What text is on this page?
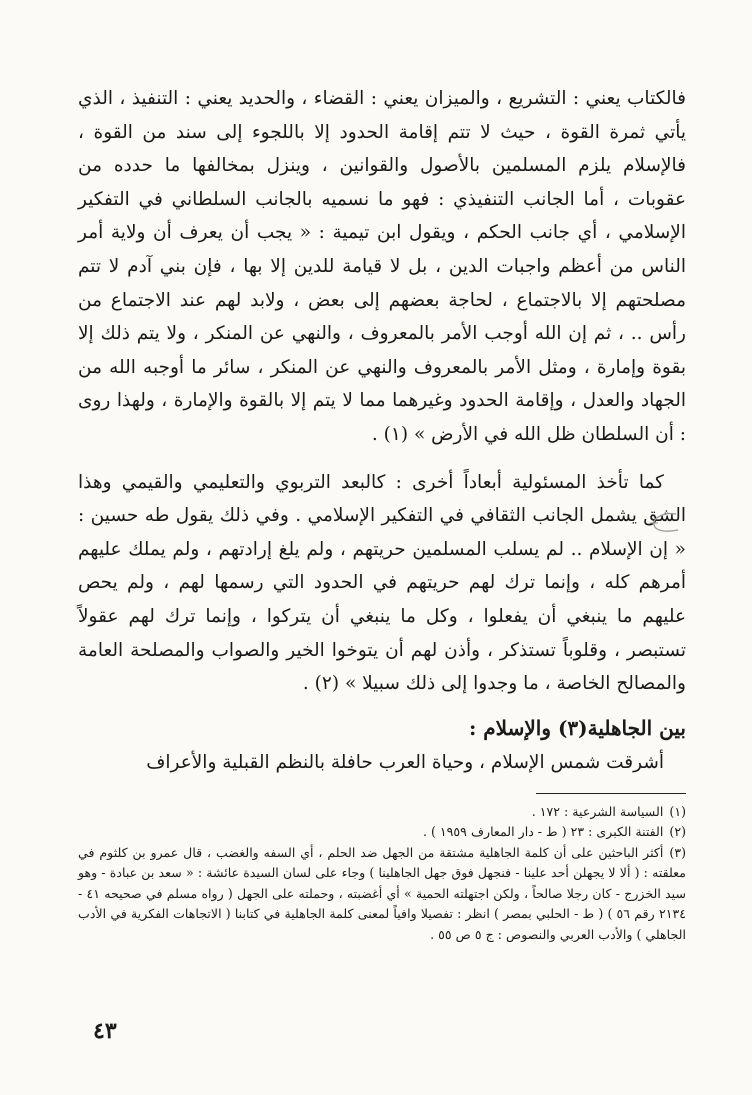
فالكتاب يعني : التشريع ، والميزان يعني : القضاء ، والحديد يعني : التنفيذ ، الذي يأتي ثمرة القوة ، حيث لا تتم إقامة الحدود إلا باللجوء إلى سند من القوة ، فالإسلام يلزم المسلمين بالأصول والقوانين ، وينزل بمخالفها ما حدده من عقوبات ، أما الجانب التنفيذي : فهو ما نسميه بالجانب السلطاني في التفكير الإسلامي ، أي جانب الحكم ، ويقول ابن تيمية : « يجب أن يعرف أن ولاية أمر الناس من أعظم واجبات الدين ، بل لا قيامة للدين إلا بها ، فإن بني آدم لا تتم مصلحتهم إلا بالاجتماع ، لحاجة بعضهم إلى بعض ، ولابد لهم عند الاجتماع من رأس .. ، ثم إن الله أوجب الأمر بالمعروف ، والنهي عن المنكر ، ولا يتم ذلك إلا بقوة وإمارة ، ومثل الأمر بالمعروف والنهي عن المنكر ، سائر ما أوجبه الله من الجهاد والعدل ، وإقامة الحدود وغيرهما مما لا يتم إلا بالقوة والإمارة ، ولهذا روى : أن السلطان ظل الله في الأرض » (١) .

كما تأخذ المسئولية أبعاداً أخرى : كالبعد التربوي والتعليمي والقيمي وهذا الشق يشمل الجانب الثقافي في التفكير الإسلامي . وفي ذلك يقول طه حسين : « إن الإسلام .. لم يسلب المسلمين حريتهم ، ولم يلغ إرادتهم ، ولم يملك عليهم أمرهم كله ، وإنما ترك لهم حريتهم في الحدود التي رسمها لهم ، ولم يحص عليهم ما ينبغي أن يفعلوا ، وكل ما ينبغي أن يتركوا ، وإنما ترك لهم عقولاً تستبصر ، وقلوباً تستذكر ، وأذن لهم أن يتوخوا الخير والصواب والمصلحة العامة والمصالح الخاصة ، ما وجدوا إلى ذلك سبيلا » (٢) .

بين الجاهلية(٣) والإسلام :

أشرقت شمس الإسلام ، وحياة العرب حافلة بالنظم القبلية والأعراف

(١)السياسة الشرعية : ١٧٢ .

(٢)الفتنة الكبرى : ٢٣ ( ط - دار المعارف ١٩٥٩ ) .

(٣)أكثر الباحثين على أن كلمة الجاهلية مشتقة من الجهل ضد الحلم ، أي السفه والغضب ، قال عمرو بن كلثوم في معلقته : ( ألا لا يجهلن أحد علينا - فنجهل فوق جهل الجاهلينا ) وجاء على لسان السيدة عائشة : « سعد بن عبادة - وهو سيد الخزرج - كان رجلا صالحاً ، ولكن اجتهلته الحمية » أي أغضبته ، وحملته على الجهل ( رواه مسلم في صحيحه ٤١ - ٢١٣٤ رقم ٥٦ ) ( ط - الحلبي بمصر ) انظر : تفصيلا وافياً لمعنى كلمة الجاهلية في كتابنا ( الاتجاهات الفكرية في الأدب الجاهلي ) والأدب العربي والنصوص : ج ٥ ص ٥٥ .

٤٣
